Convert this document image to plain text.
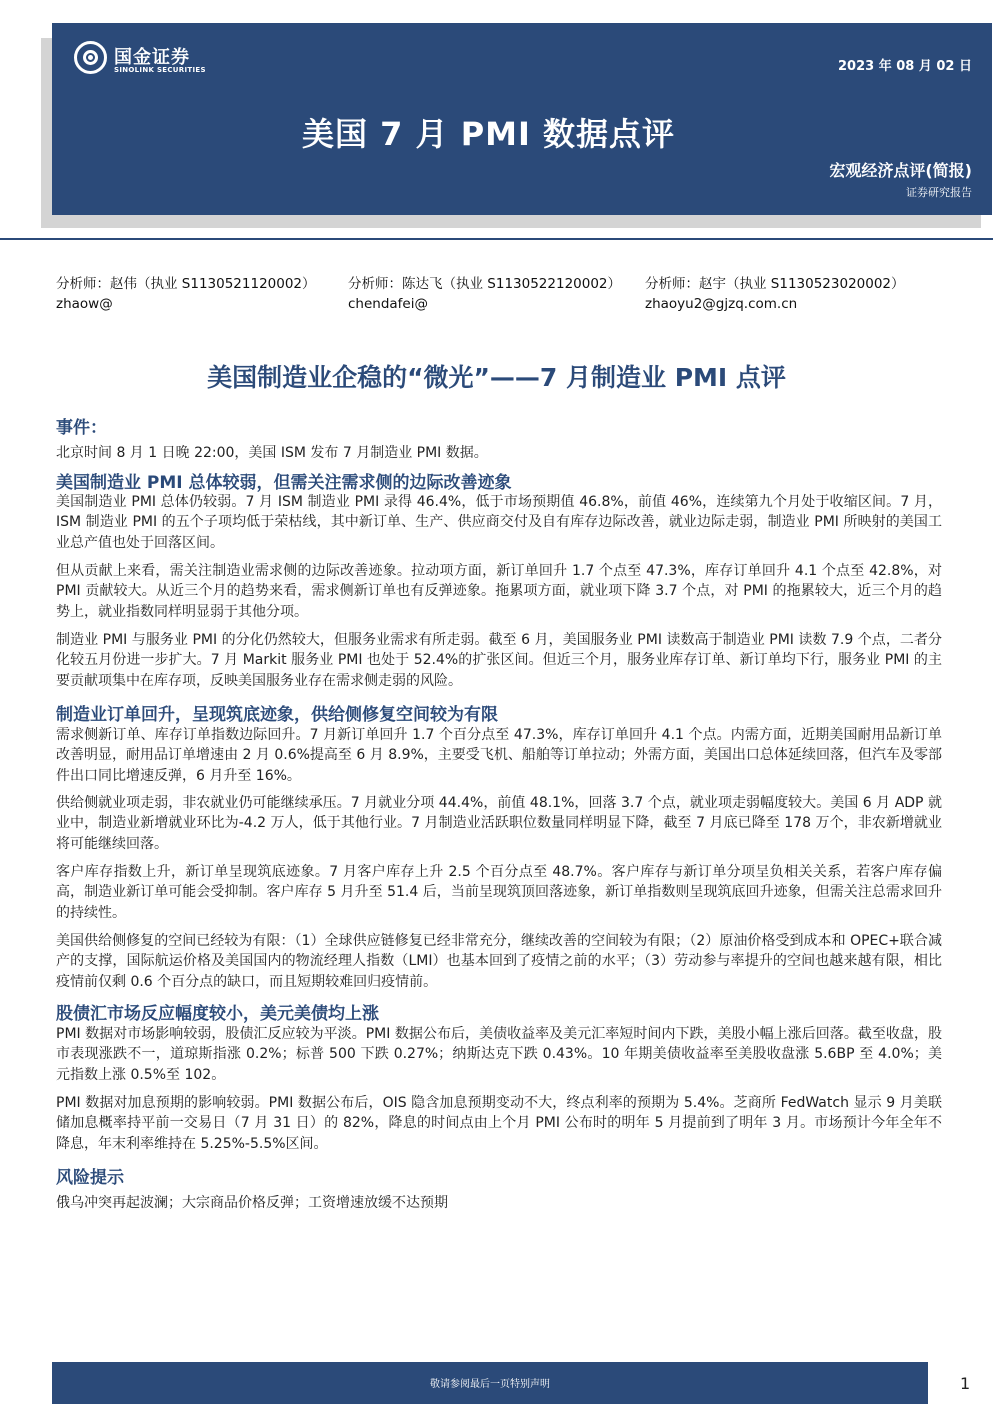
国金证券
SINOLINK SECURITIES	2023 年 08 月 02 日
美国 7 月 PMI 数据点评
宏观经济点评(简报)
证券研究报告
分析师：赵伟（执业 S1130521120002）
zhaow@
分析师：陈达飞（执业 S1130522120002）
chendafei@
分析师：赵宇（执业 S1130523020002）
zhaoyu2@gjzq.com.cn
美国制造业企稳的“微光”——7 月制造业 PMI 点评
事件：

北京时间 8 月 1 日晚 22:00，美国 ISM 发布 7 月制造业 PMI 数据。

美国制造业 PMI 总体较弱，但需关注需求侧的边际改善迹象

美国制造业 PMI 总体仍较弱。7 月 ISM 制造业 PMI 录得 46.4%，低于市场预期值 46.8%，前值 46%，连续第九个月处于收缩区间。7 月，ISM 制造业 PMI 的五个子项均低于荣枯线，其中新订单、生产、供应商交付及自有库存边际改善，就业边际走弱，制造业 PMI 所映射的美国工业总产值也处于回落区间。

但从贡献上来看，需关注制造业需求侧的边际改善迹象。拉动项方面，新订单回升 1.7 个点至 47.3%，库存订单回升 4.1 个点至 42.8%，对 PMI 贡献较大。从近三个月的趋势来看，需求侧新订单也有反弹迹象。拖累项方面，就业项下降 3.7 个点，对 PMI 的拖累较大，近三个月的趋势上，就业指数同样明显弱于其他分项。

制造业 PMI 与服务业 PMI 的分化仍然较大，但服务业需求有所走弱。截至 6 月，美国服务业 PMI 读数高于制造业 PMI 读数 7.9 个点，二者分化较五月份进一步扩大。7 月 Markit 服务业 PMI 也处于 52.4%的扩张区间。但近三个月，服务业库存订单、新订单均下行，服务业 PMI 的主要贡献项集中在库存项，反映美国服务业存在需求侧走弱的风险。

制造业订单回升，呈现筑底迹象，供给侧修复空间较为有限

需求侧新订单、库存订单指数边际回升。7 月新订单回升 1.7 个百分点至 47.3%，库存订单回升 4.1 个点。内需方面，近期美国耐用品新订单改善明显，耐用品订单增速由 2 月 0.6%提高至 6 月 8.9%，主要受飞机、船舶等订单拉动；外需方面，美国出口总体延续回落，但汽车及零部件出口同比增速反弹，6 月升至 16%。

供给侧就业项走弱，非农就业仍可能继续承压。7 月就业分项 44.4%，前值 48.1%，回落 3.7 个点，就业项走弱幅度较大。美国 6 月 ADP 就业中，制造业新增就业环比为-4.2 万人，低于其他行业。7 月制造业活跃职位数量同样明显下降，截至 7 月底已降至 178 万个，非农新增就业将可能继续回落。

客户库存指数上升，新订单呈现筑底迹象。7 月客户库存上升 2.5 个百分点至 48.7%。客户库存与新订单分项呈负相关关系，若客户库存偏高，制造业新订单可能会受抑制。客户库存 5 月升至 51.4 后，当前呈现筑顶回落迹象，新订单指数则呈现筑底回升迹象，但需关注总需求回升的持续性。

美国供给侧修复的空间已经较为有限：（1）全球供应链修复已经非常充分，继续改善的空间较为有限；（2）原油价格受到成本和 OPEC+联合减产的支撑，国际航运价格及美国国内的物流经理人指数（LMI）也基本回到了疫情之前的水平；（3）劳动参与率提升的空间也越来越有限，相比疫情前仅剩 0.6 个百分点的缺口，而且短期较难回归疫情前。

股债汇市场反应幅度较小，美元美债均上涨

PMI 数据对市场影响较弱，股债汇反应较为平淡。PMI 数据公布后，美债收益率及美元汇率短时间内下跌，美股小幅上涨后回落。截至收盘，股市表现涨跌不一，道琼斯指涨 0.2%；标普 500 下跌 0.27%；纳斯达克下跌 0.43%。10 年期美债收益率至美股收盘涨 5.6BP 至 4.0%；美元指数上涨 0.5%至 102。

PMI 数据对加息预期的影响较弱。PMI 数据公布后，OIS 隐含加息预期变动不大，终点利率的预期为 5.4%。芝商所 FedWatch 显示 9 月美联储加息概率持平前一交易日（7 月 31 日）的 82%，降息的时间点由上个月 PMI 公布时的明年 5 月提前到了明年 3 月。市场预计今年全年不降息，年末利率维持在 5.25%-5.5%区间。

风险提示

俄乌冲突再起波澜；大宗商品价格反弹；工资增速放缓不达预期

敬请参阅最后一页特别声明	1
